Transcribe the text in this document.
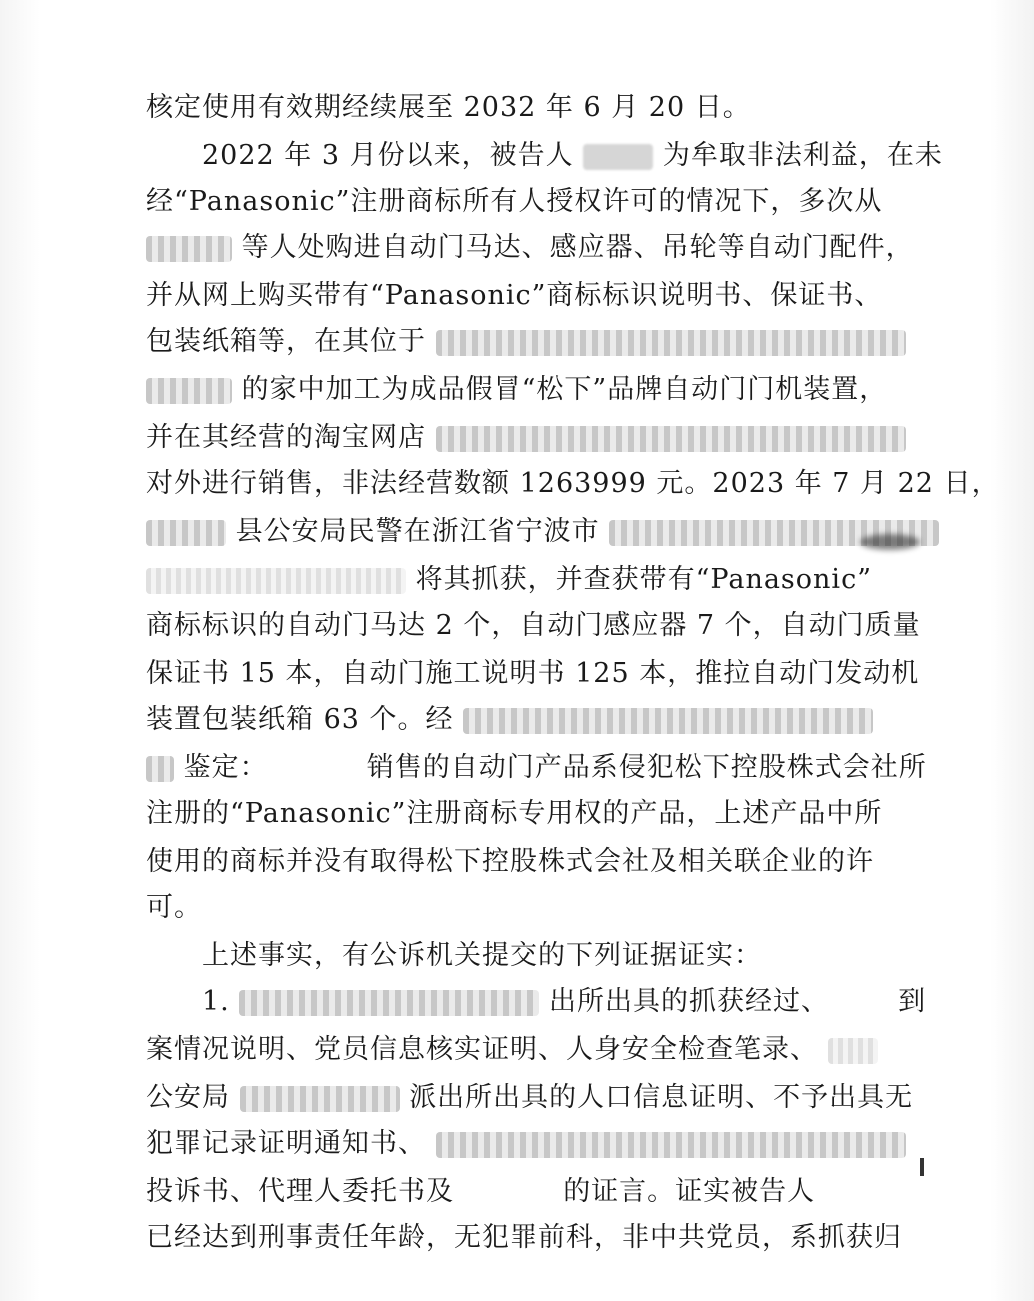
核定使用有效期经续展至 2032 年 6 月 20 日。
2022 年 3 月份以来，被告人	为牟取非法利益，在未
经“Panasonic”注册商标所有人授权许可的情况下，多次从
等人处购进自动门马达、感应器、吊轮等自动门配件，
并从网上购买带有“Panasonic”商标标识说明书、保证书、
包装纸箱等，在其位于
的家中加工为成品假冒“松下”品牌自动门门机装置，
并在其经营的淘宝网店
对外进行销售，非法经营数额 1263999 元。2023 年 7 月 22 日，
县公安局民警在浙江省宁波市
将其抓获，并查获带有“Panasonic”
商标标识的自动门马达 2 个，自动门感应器 7 个，自动门质量
保证书 15 本，自动门施工说明书 125 本，推拉自动门发动机
装置包装纸箱 63 个。经
鉴定：	销售的自动门产品系侵犯松下控股株式会社所
注册的“Panasonic”注册商标专用权的产品，上述产品中所
使用的商标并没有取得松下控股株式会社及相关联企业的许
可。
上述事实，有公诉机关提交的下列证据证实：
1.	出所出具的抓获经过、	到
案情况说明、党员信息核实证明、人身安全检查笔录、
公安局	派出所出具的人口信息证明、不予出具无
犯罪记录证明通知书、
投诉书、代理人委托书及	的证言。证实被告人
已经达到刑事责任年龄，无犯罪前科，非中共党员，系抓获归
